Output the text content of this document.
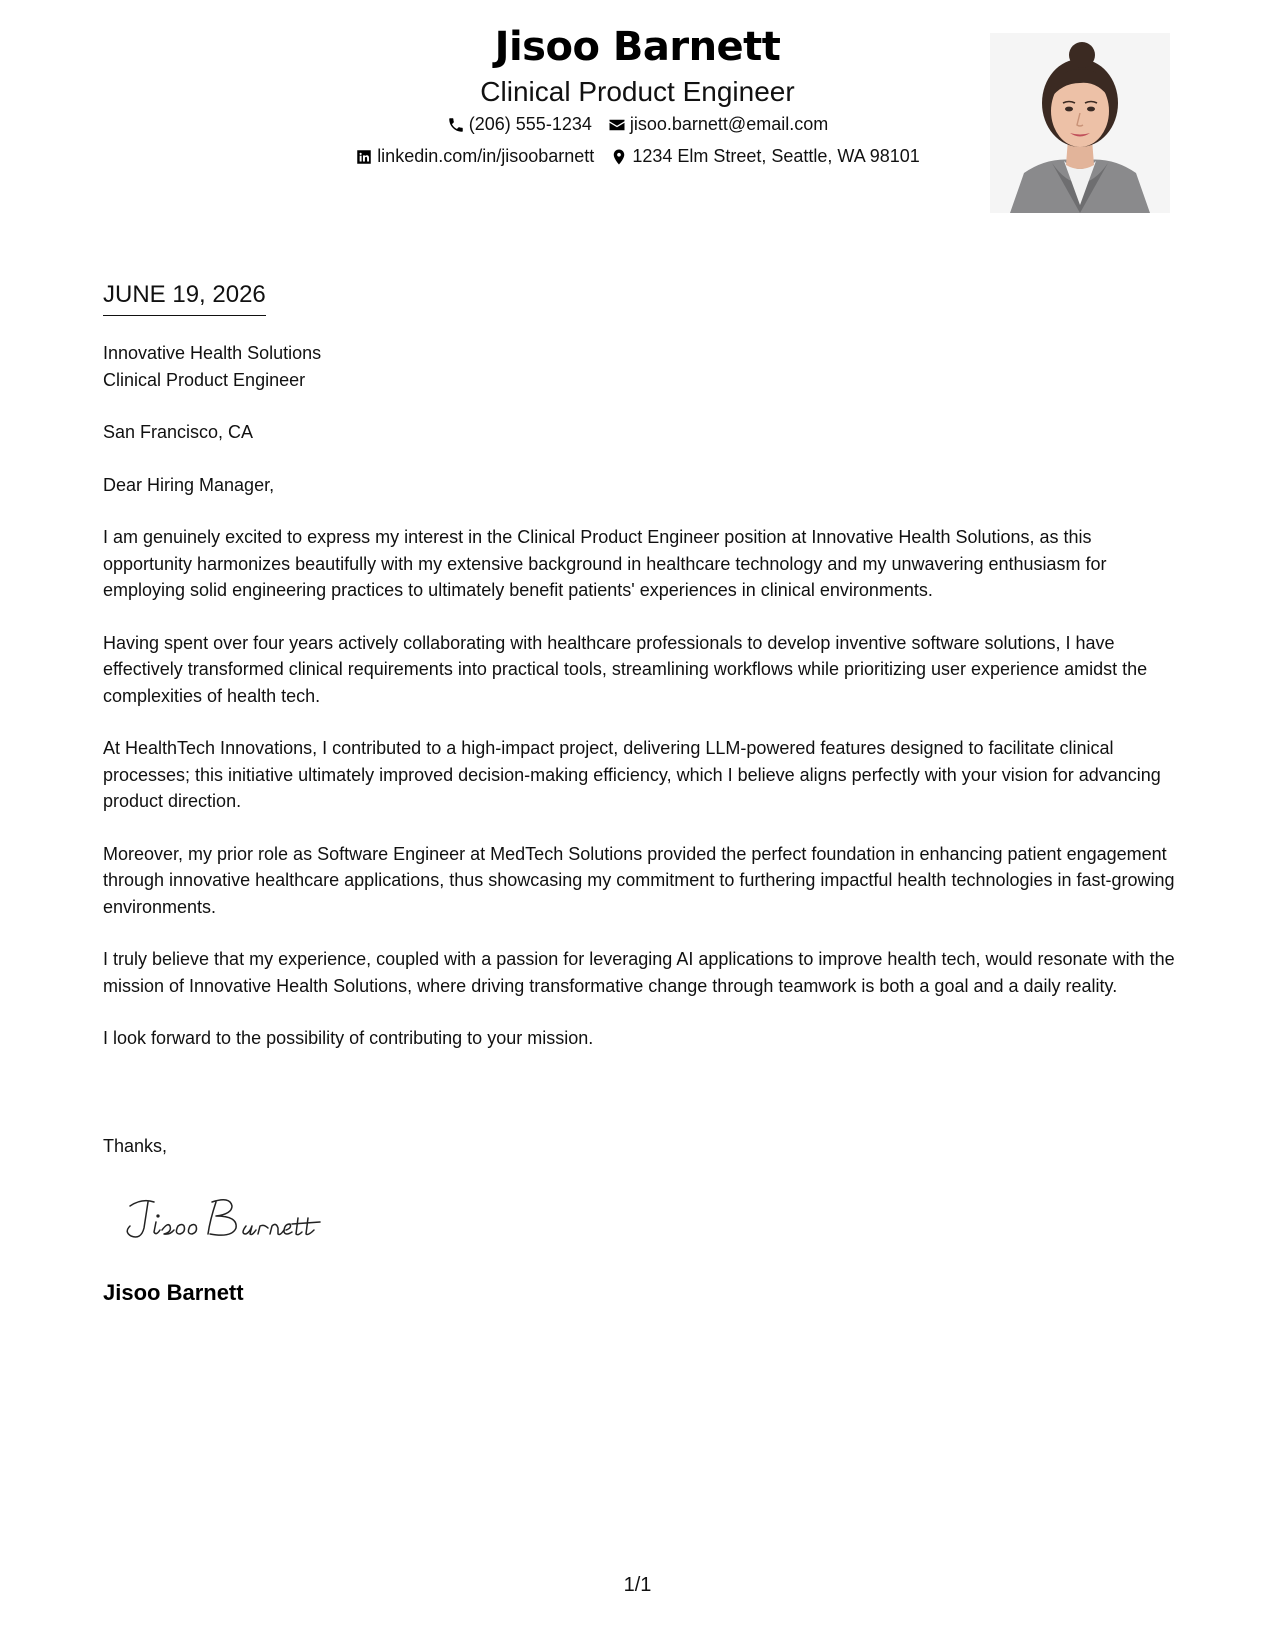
Jisoo Barnett
Clinical Product Engineer
(206) 555-1234 jisoo.barnett@email.com
linkedin.com/in/jisoobarnett 1234 Elm Street, Seattle, WA 98101
JUNE 19, 2026

Innovative Health Solutions

Clinical Product Engineer

San Francisco, CA

Dear Hiring Manager,

I am genuinely excited to express my interest in the Clinical Product Engineer position at Innovative Health Solutions, as this opportunity harmonizes beautifully with my extensive background in healthcare technology and my unwavering enthusiasm for employing solid engineering practices to ultimately benefit patients' experiences in clinical environments.

Having spent over four years actively collaborating with healthcare professionals to develop inventive software solutions, I have effectively transformed clinical requirements into practical tools, streamlining workflows while prioritizing user experience amidst the complexities of health tech.

At HealthTech Innovations, I contributed to a high-impact project, delivering LLM-powered features designed to facilitate clinical processes; this initiative ultimately improved decision-making efficiency, which I believe aligns perfectly with your vision for advancing product direction.

Moreover, my prior role as Software Engineer at MedTech Solutions provided the perfect foundation in enhancing patient engagement through innovative healthcare applications, thus showcasing my commitment to furthering impactful health technologies in fast-growing environments.

I truly believe that my experience, coupled with a passion for leveraging AI applications to improve health tech, would resonate with the mission of Innovative Health Solutions, where driving transformative change through teamwork is both a goal and a daily reality.

I look forward to the possibility of contributing to your mission.

Thanks,
Jisoo Barnett
1/1
